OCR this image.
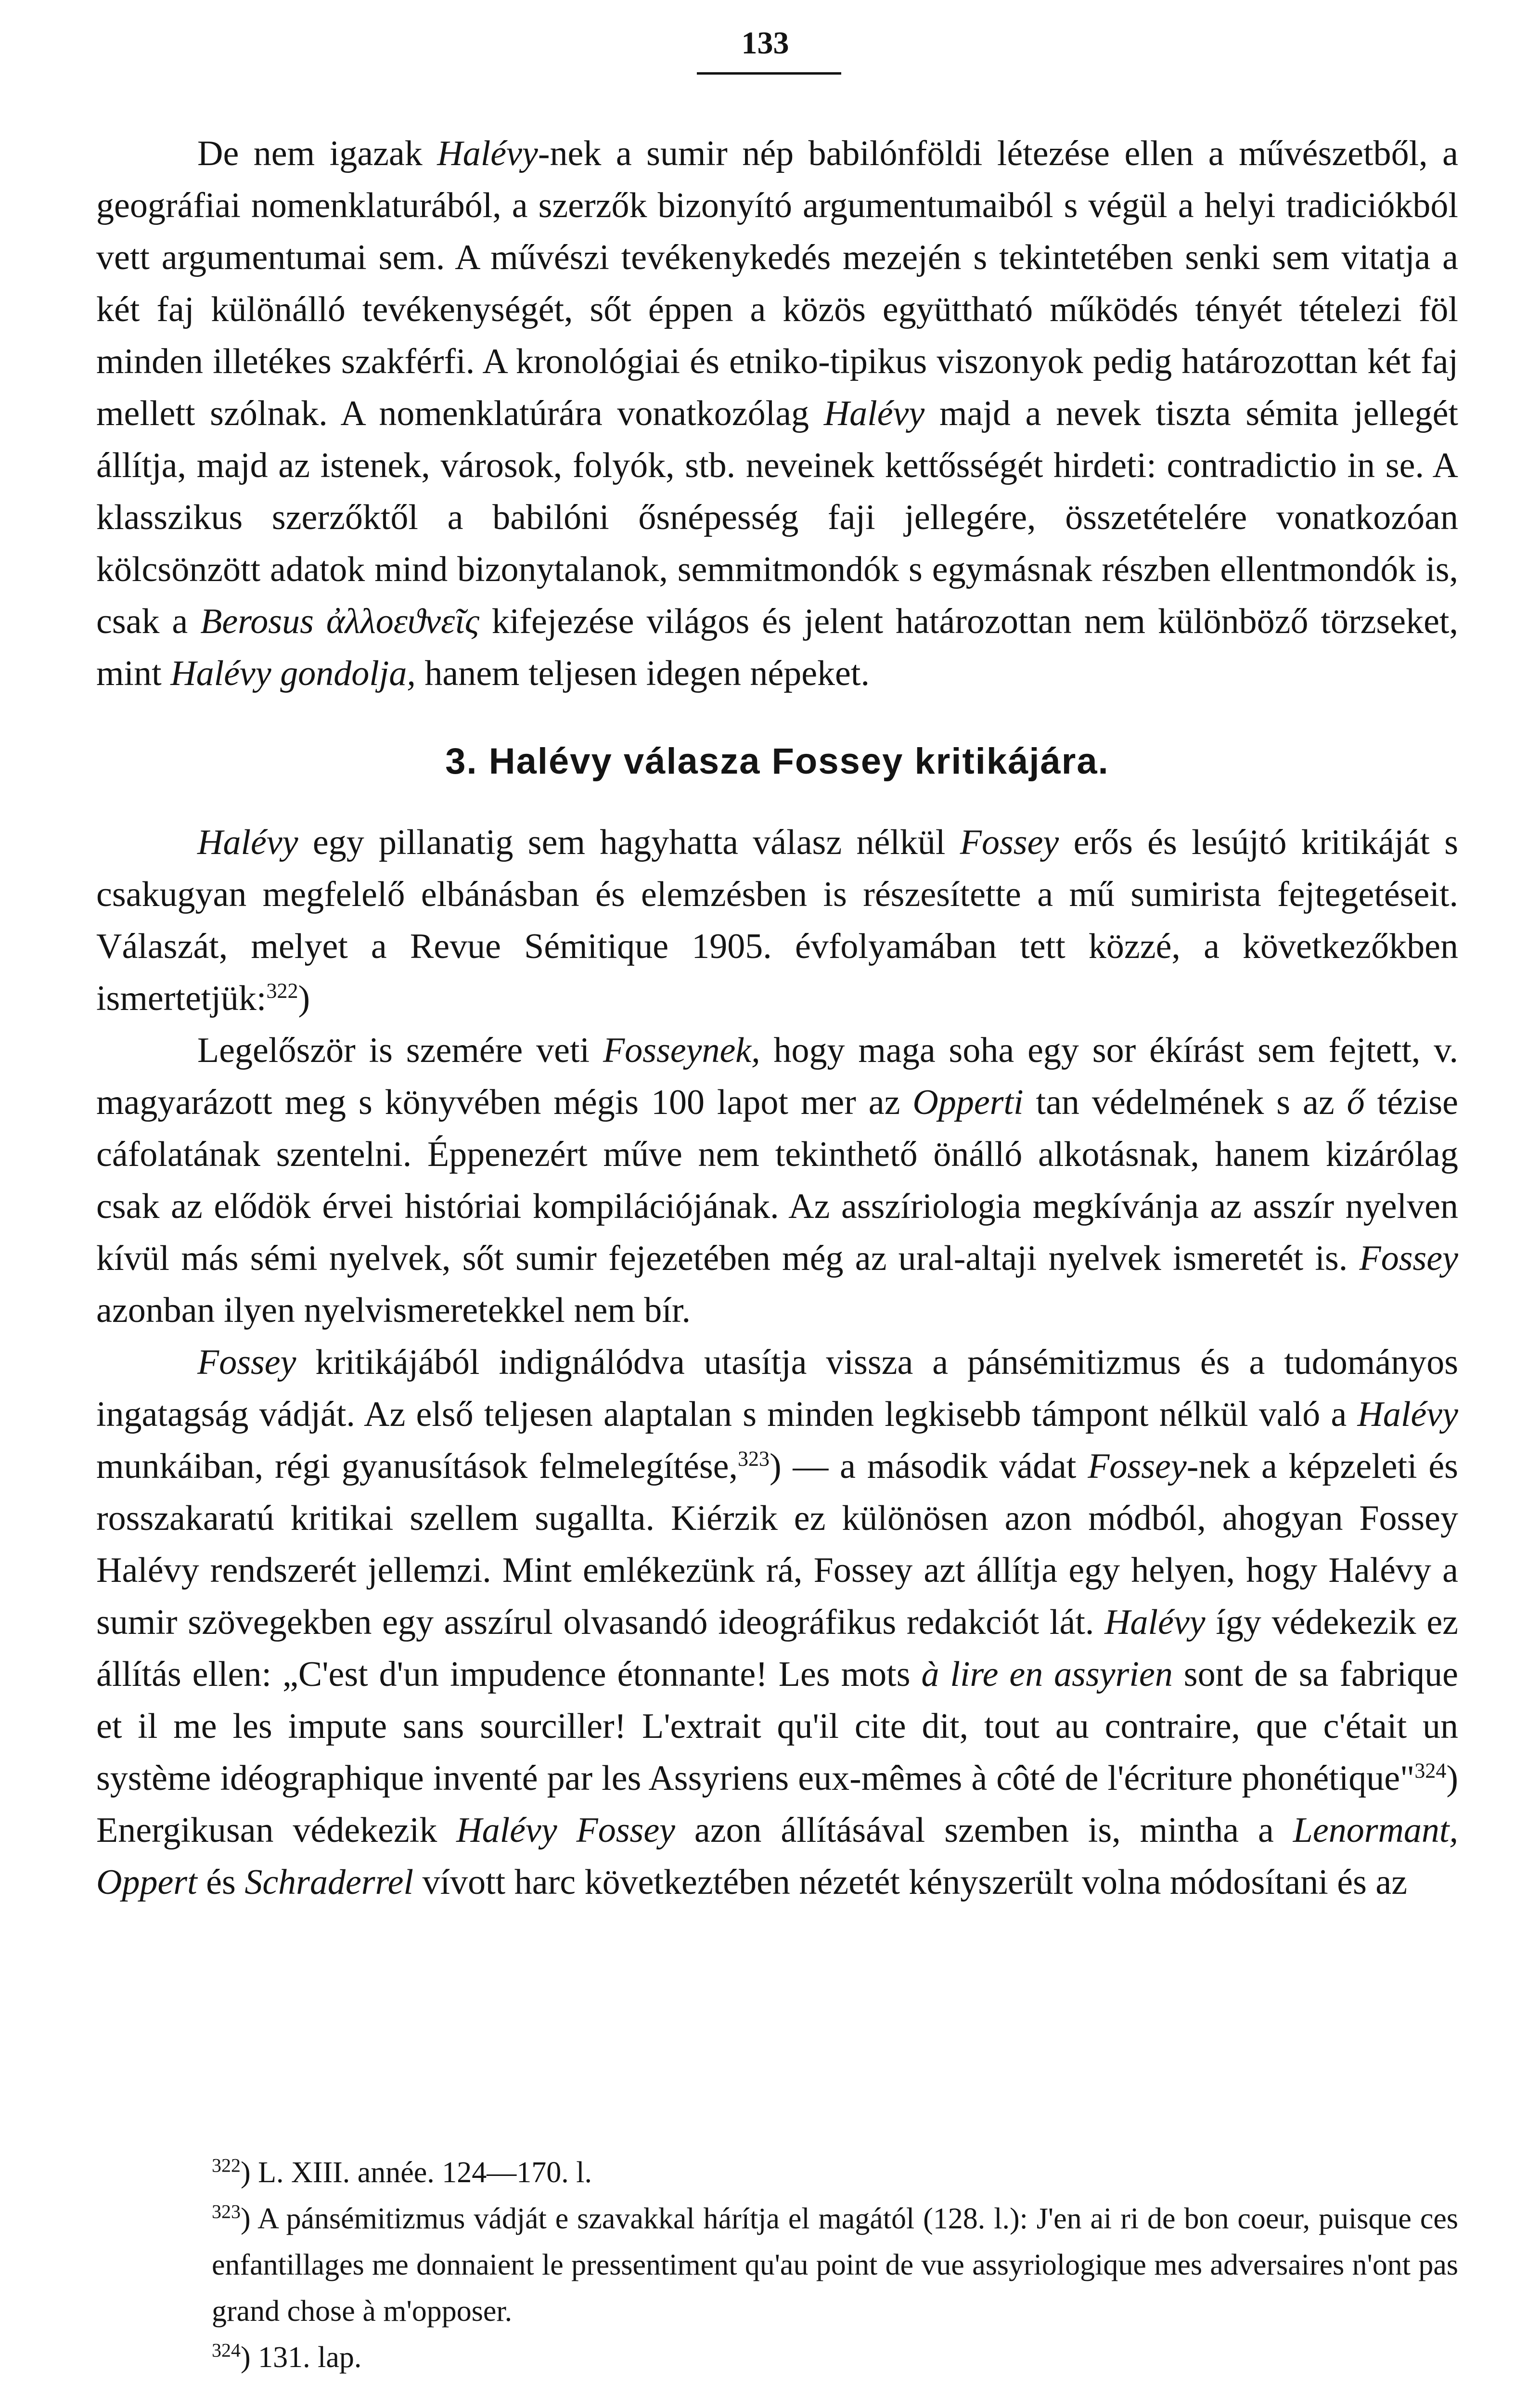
133

De nem igazak Halévy-nek a sumir nép babilónföldi létezése ellen a művészetből, a geográfiai nomenklaturából, a szerzők bizonyító argumentumaiból s végül a helyi tradiciókból vett argumentumai sem. A művészi tevékenykedés mezején s tekintetében senki sem vitatja a két faj különálló tevékenységét, sőt éppen a közös együttható működés tényét tételezi föl minden illetékes szakférfi. A kronológiai és etniko-tipikus viszonyok pedig határozottan két faj mellett szólnak. A nomenklatúrára vonatkozólag Halévy majd a nevek tiszta sémita jellegét állítja, majd az istenek, városok, folyók, stb. neveinek kettősségét hirdeti: contradictio in se. A klasszikus szerzőktől a babilóni ősnépesség faji jellegére, összetételére vonatkozóan kölcsönzött adatok mind bizonytalanok, semmitmondók s egymásnak részben ellentmondók is, csak a Berosus ἀλλοεϑνεῖς kifejezése világos és jelent határozottan nem különböző törzseket, mint Halévy gondolja, hanem teljesen idegen népeket.

3. Halévy válasza Fossey kritikájára.

Halévy egy pillanatig sem hagyhatta válasz nélkül Fossey erős és lesújtó kritikáját s csakugyan megfelelő elbánásban és elemzésben is részesítette a mű sumirista fejtegetéseit. Válaszát, melyet a Revue Sémitique 1905. évfolyamában tett közzé, a következőkben ismertetjük:$^{322}$)

Legelőször is szemére veti Fosseynek, hogy maga soha egy sor ékírást sem fejtett, v. magyarázott meg s könyvében mégis 100 lapot mer az Opperti tan védelmének s az ő tézise cáfolatának szentelni. Éppenezért műve nem tekinthető önálló alkotásnak, hanem kizárólag csak az elődök érvei históriai kompilációjának. Az asszíriologia megkívánja az asszír nyelven kívül más sémi nyelvek, sőt sumir fejezetében még az ural-altaji nyelvek ismeretét is. Fossey azonban ilyen nyelvismeretekkel nem bír.

Fossey kritikájából indignálódva utasítja vissza a pánsémitizmus és a tudományos ingatagság vádját. Az első teljesen alaptalan s minden legkisebb támpont nélkül való a Halévy munkáiban, régi gyanusítások felmelegítése,$^{323}$) — a második vádat Fossey-nek a képzeleti és rosszakaratú kritikai szellem sugallta. Kiérzik ez különösen azon módból, ahogyan Fossey Halévy rendszerét jellemzi. Mint emlékezünk rá, Fossey azt állítja egy helyen, hogy Halévy a sumir szövegekben egy asszírul olvasandó ideográfikus redakciót lát. Halévy így védekezik ez állítás ellen: „C'est d'un impudence étonnante! Les mots à lire en assyrien sont de sa fabrique et il me les impute sans sourciller! L'extrait qu'il cite dit, tout au contraire, que c'était un système idéographique inventé par les Assyriens eux-mêmes à côté de l'écriture phonétique"$^{324}$) Energikusan védekezik Halévy Fossey azon állításával szemben is, mintha a Lenormant, Oppert és Schraderrel vívott harc következtében nézetét kényszerült volna módosítani és az

$^{322}$) L. XIII. année. 124—170. l.

$^{323}$) A pánsémitizmus vádját e szavakkal hárítja el magától (128. l.): J'en ai ri de bon coeur, puisque ces enfantillages me donnaient le pressentiment qu'au point de vue assyriologique mes adversaires n'ont pas grand chose à m'opposer.

$^{324}$) 131. lap.
